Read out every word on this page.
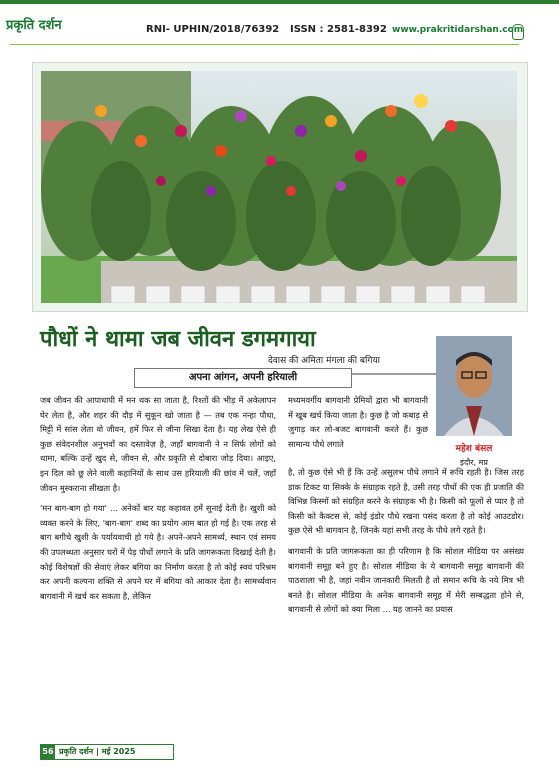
प्रकृति दर्शन	RNI- UPHIN/2018/76392 ISSN : 2581-8392 www.prakritidarshan.com
देवास की अमिता मंगला की बगिया
पौधों ने थामा जब जीवन डगमगाया
अपना आंगन, अपनी हरियाली
महेश बंसल
इंदौर, मप्र

जब जीवन की आपाधापी में मन थक सा जाता है, रिश्तों की भीड़ में अकेलापन घेर लेता है, और शहर की दौड़ में सुकून खो जाता है — तब एक नन्हा पौधा, मिट्टी में सांस लेता वो जीवन, हमें फिर से जीना सिखा देता है। यह लेख ऐसे ही कुछ संवेदनशील अनुभवों का दस्तावेज़ है, जहाँ बागवानी ने न सिर्फ लोगों को थामा, बल्कि उन्हें खुद से, जीवन से, और प्रकृति से दोबारा जोड़ दिया। आइए, इन दिल को छू लेने वाली कहानियों के साथ उस हरियाली की छांव में चलें, जहाँ जीवन मुस्कराना सीखता है।

'मन बाग-बाग हो गया' ... अनेकों बार यह कहावत हमें सुनाई देती है। खुशी को व्यक्त करने के लिए, 'बाग-बाग' शब्द का प्रयोग आम बात हो गई है। एक तरह से बाग बगीचे खुशी के पर्यायवाची हो गये है। अपने-अपने सामर्थ्य, स्थान एवं समय की उपलब्धता अनुसार घरों में पेड़ पौधों लगाने के प्रति जागरूकता दिखाई देती है। कोई विशेषज्ञों की सेवाएं लेकर बगिया का निर्माण करता है तो कोई स्वयं परिश्रम कर अपनी कल्पना शक्ति से अपने घर में बगिया को आकार देता है। सामर्थ्यवान बागवानी में खर्च कर सकता है, लेकिन

मध्यमवर्गीय बागवानी प्रेमियों द्वारा भी बागवानी में खूब खर्च किया जाता है। कुछ है जो कबाड़ से जुगाड़ कर लो-बजट बागवानी करते हैं। कुछ सामान्य पौधे लगाते

है, तो कुछ ऐसे भी हैं कि उन्हें असुलभ पौधे लगाने में रूचि रहती है। जिस तरह डाक टिकट या सिक्के के संग्राहक रहते है, उसी तरह पौधों की एक ही प्रजाति की विभिन्न किस्मों को संग्रहित करने के संग्राहक भी है। किसी को फूलों से प्यार है तो किसी को कैक्टस से, कोई इंडोर पौधे रखना पसंद करता है तो कोई आउटडोर। कुछ ऐसे भी बागवान है, जिनके यहां सभी तरह के पौधे लगे रहते है।

बागवानी के प्रति जागरूकता का ही परिणाम है कि सोशल मीडिया पर असंख्य बागवानी समूह बने हुए है। सोशल मीडिया के ये बागवानी समूह बागवानी की पाठशाला भी है, जहां नवीन जानकारी मिलती है तो समान रूचि के नये मित्र भी बनते है। सोशल मीडिया के अनेक बागवानी समूह में मेरी सम्बद्धता होने से, बागवानी से लोगों को क्या मिला ... यह जानने का प्रयास

56 प्रकृति दर्शन | मई 2025
